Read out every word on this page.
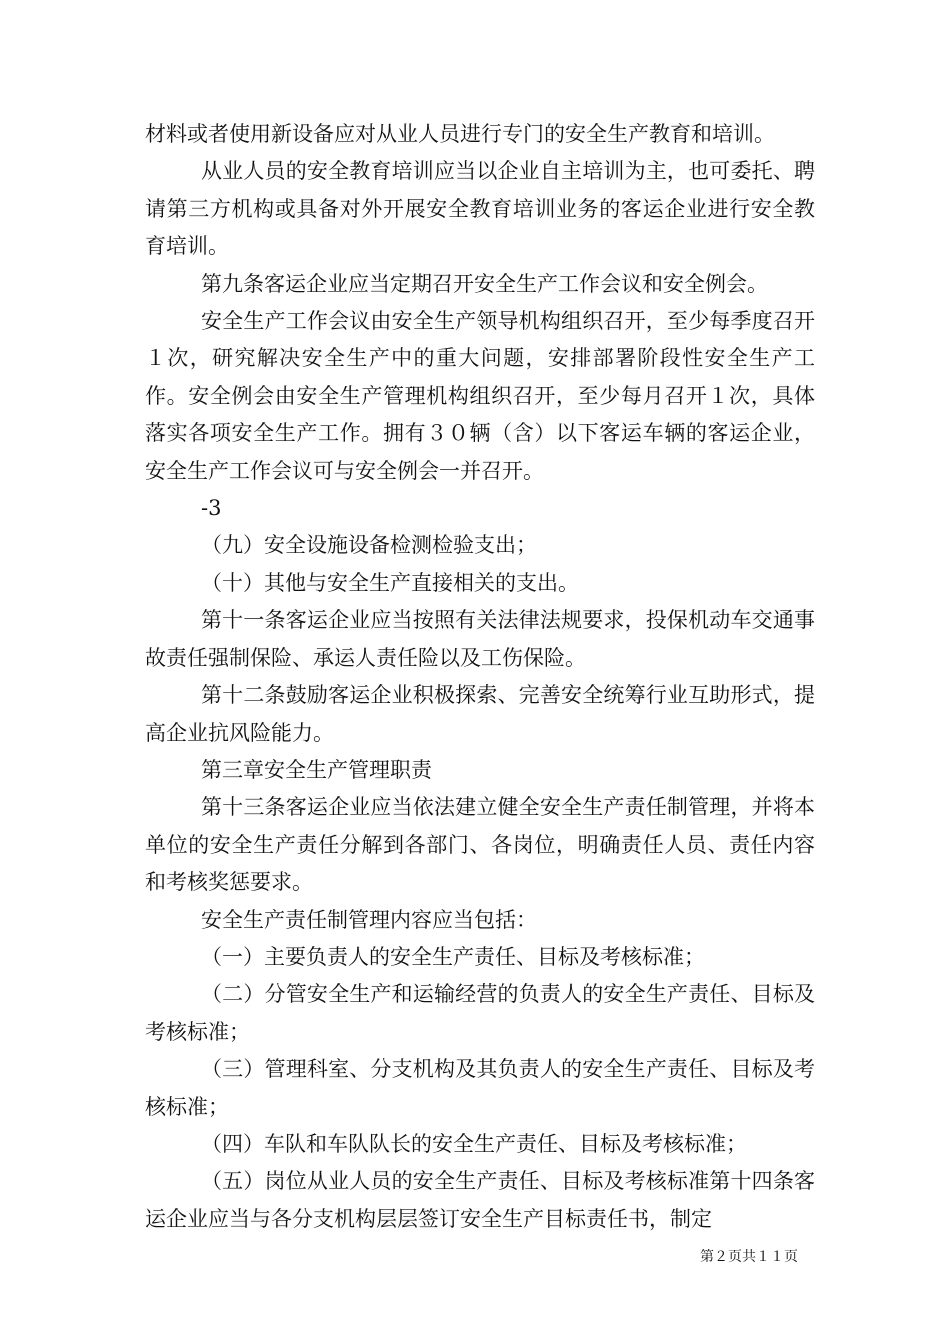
材料或者使用新设备应对从业人员进行专门的安全生产教育和培训。

从业人员的安全教育培训应当以企业自主培训为主，也可委托、聘请第三方机构或具备对外开展安全教育培训业务的客运企业进行安全教育培训。

第九条客运企业应当定期召开安全生产工作会议和安全例会。

安全生产工作会议由安全生产领导机构组织召开，至少每季度召开１次，研究解决安全生产中的重大问题，安排部署阶段性安全生产工作。安全例会由安全生产管理机构组织召开，至少每月召开１次，具体落实各项安全生产工作。拥有３０辆（含）以下客运车辆的客运企业，安全生产工作会议可与安全例会一并召开。

-3

（九）安全设施设备检测检验支出；

（十）其他与安全生产直接相关的支出。

第十一条客运企业应当按照有关法律法规要求，投保机动车交通事故责任强制保险、承运人责任险以及工伤保险。

第十二条鼓励客运企业积极探索、完善安全统筹行业互助形式，提高企业抗风险能力。

第三章安全生产管理职责

第十三条客运企业应当依法建立健全安全生产责任制管理，并将本单位的安全生产责任分解到各部门、各岗位，明确责任人员、责任内容和考核奖惩要求。

安全生产责任制管理内容应当包括：

（一）主要负责人的安全生产责任、目标及考核标准；

（二）分管安全生产和运输经营的负责人的安全生产责任、目标及考核标准；

（三）管理科室、分支机构及其负责人的安全生产责任、目标及考核标准；

（四）车队和车队队长的安全生产责任、目标及考核标准；

（五）岗位从业人员的安全生产责任、目标及考核标准第十四条客运企业应当与各分支机构层层签订安全生产目标责任书，制定

第２页共１１页
